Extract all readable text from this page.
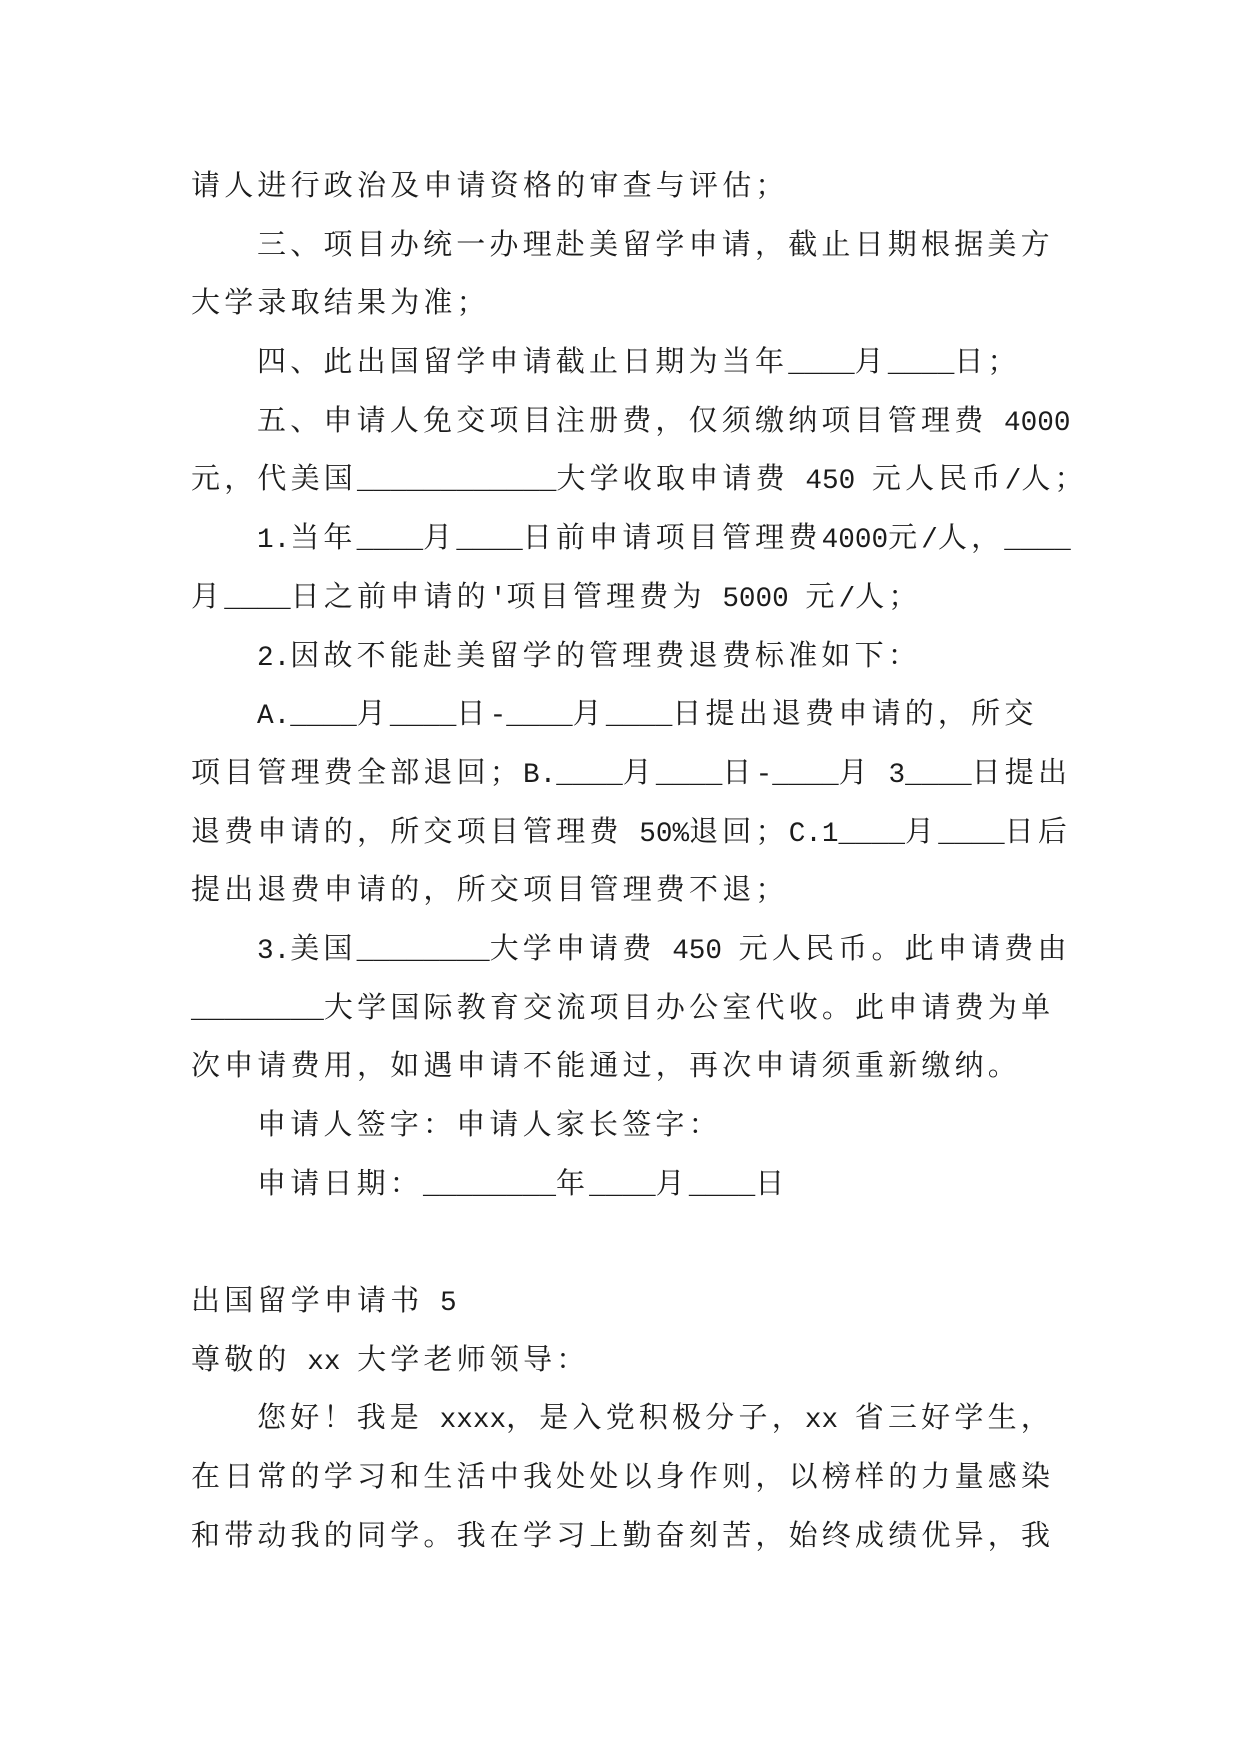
请人进行政治及申请资格的审查与评估；
三、项目办统一办理赴美留学申请，截止日期根据美方
大学录取结果为准；
四、此出国留学申请截止日期为当年____月____日；
五、申请人免交项目注册费，仅须缴纳项目管理费 4000
元，代美国____________大学收取申请费 450 元人民币/人；
1.当年____月____日前申请项目管理费4000元/人，____
月____日之前申请的'项目管理费为 5000 元/人；
2.因故不能赴美留学的管理费退费标准如下：
A.____月____日-____月____日提出退费申请的，所交
项目管理费全部退回；B.____月____日-____月 3____日提出
退费申请的，所交项目管理费 50%退回；C.1____月____日后
提出退费申请的，所交项目管理费不退；
3.美国________大学申请费 450 元人民币。此申请费由
________大学国际教育交流项目办公室代收。此申请费为单
次申请费用，如遇申请不能通过，再次申请须重新缴纳。
申请人签字：申请人家长签字：
申请日期：________年____月____日
出国留学申请书 5
尊敬的 xx 大学老师领导：
您好！我是 xxxx，是入党积极分子，xx 省三好学生，
在日常的学习和生活中我处处以身作则，以榜样的力量感染
和带动我的同学。我在学习上勤奋刻苦，始终成绩优异，我
